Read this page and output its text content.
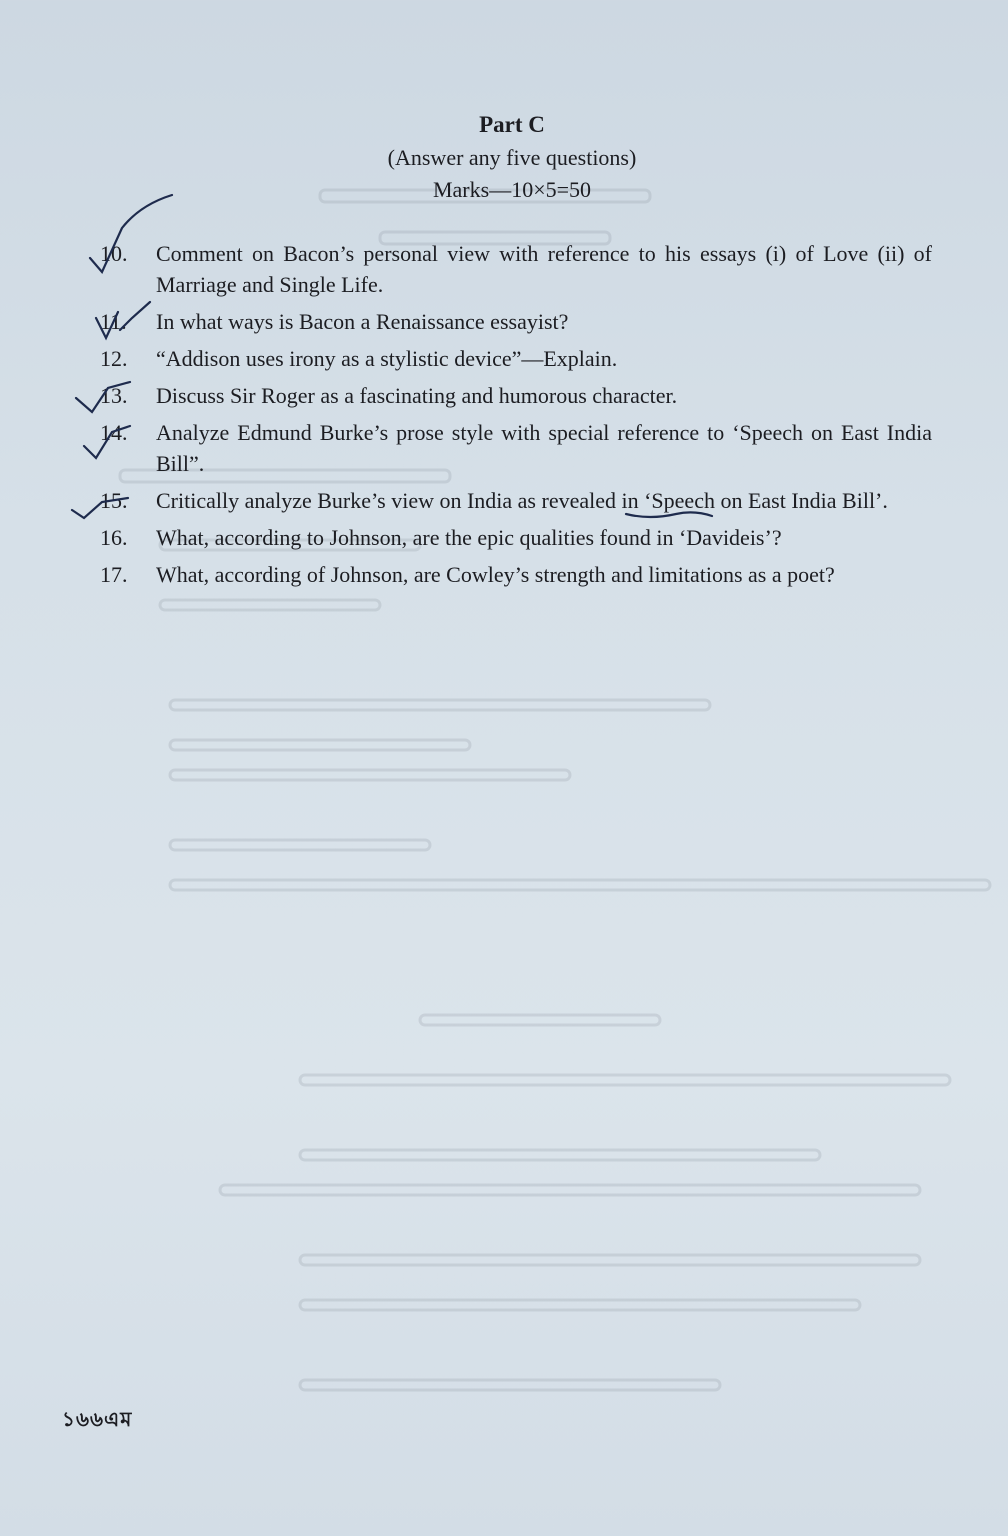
Part C

(Answer any five questions)

Marks—10×5=50

10.	Comment on Bacon’s personal view with reference to his essays (i) of Love (ii) of Marriage and Single Life.
11.	In what ways is Bacon a Renaissance essayist?
12.	“Addison uses irony as a stylistic device”—Explain.
13.	Discuss Sir Roger as a fascinating and humorous character.
14.	Analyze Edmund Burke’s prose style with special reference to ‘Speech on East India Bill”.
15.	Critically analyze Burke’s view on India as revealed in ‘Speech on East India Bill’.
16.	What, according to Johnson, are the epic qualities found in ‘Davideis’?
17.	What, according of Johnson, are Cowley’s strength and limitations as a poet?
১৬৬এম
